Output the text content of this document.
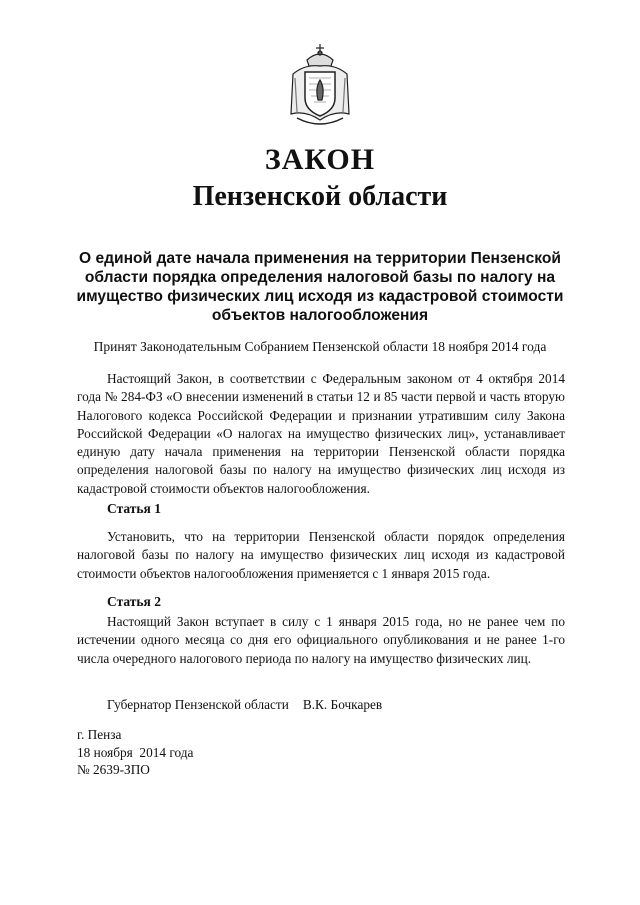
ЗАКОН
Пензенской области
О единой дате начала применения на территории Пензенской
области порядка определения налоговой базы по налогу на
имущество физических лиц исходя из кадастровой стоимости
объектов налогообложения
Принят Законодательным Собранием Пензенской области 18 ноября 2014 года

Настоящий Закон, в соответствии с Федеральным законом от 4 октября 2014 года № 284-ФЗ «О внесении изменений в статьи 12 и 85 части первой и часть вторую Налогового кодекса Российской Федерации и признании утратившим силу Закона Российской Федерации «О налогах на имущество физических лиц», устанавливает единую дату начала применения на территории Пензенской области порядка определения налоговой базы по налогу на имущество физических лиц исходя из кадастровой стоимости объектов налогообложения.

Статья 1

Установить, что на территории Пензенской области порядок определения налоговой базы по налогу на имущество физических лиц исходя из кадастровой стоимости объектов налогообложения применяется с 1 января 2015 года.

Статья 2

Настоящий Закон вступает в силу с 1 января 2015 года, но не ранее чем по истечении одного месяца со дня его официального опубликования и не ранее 1-го числа очередного налогового периода по налогу на имущество физических лиц.

Губернатор Пензенской области В.К. Бочкарев
г. Пенза
18 ноября  2014 года
№ 2639-ЗПО
